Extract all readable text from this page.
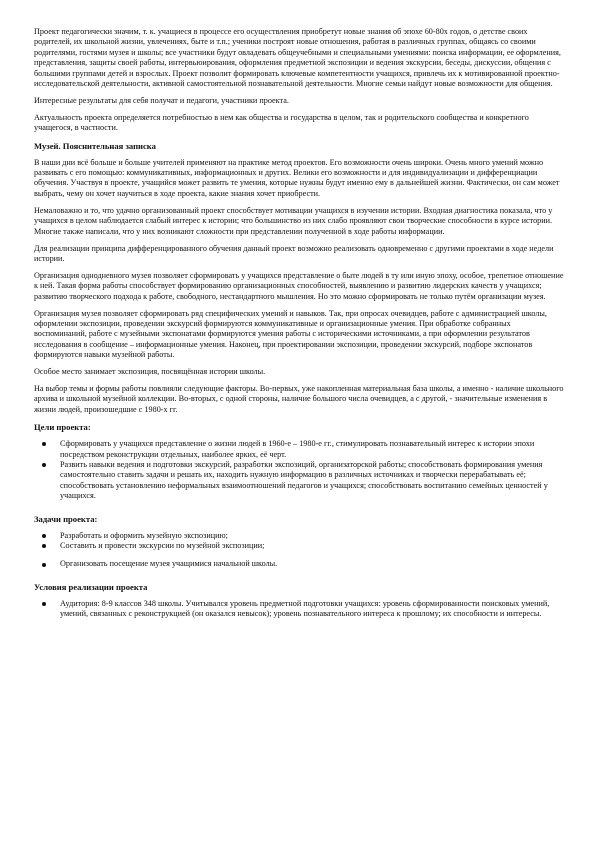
Проект педагогически значим, т. к. учащиеся в процессе его осуществления приобретут новые знания об эпохе 60-80х годов, о детстве своих родителей, их школьной жизни, увлечениях, быте и т.п.; ученики построят новые отношения, работая в различных группах, общаясь со своими родителями, гостями музея и школы; все участники будут овладевать общеучебными и специальными умениями: поиска информации, ее оформления, представления, защиты своей работы, интервьюирования, оформления предметной экспозиции и ведения экскурсии, беседы, дискуссии, общения с большими группами детей и взрослых. Проект позволит формировать ключевые компетентности учащихся, привлечь их к мотивированной проектно-исследовательской деятельности, активной самостоятельной познавательной деятельности. Многие семьи найдут новые возможности для общения.

Интересные результаты для себя получат и педагоги, участники проекта.

Актуальность проекта определяется потребностью в нем как общества и государства в целом, так и родительского сообщества и конкретного учащегося, в частности.

Музей. Пояснительная записка

В наши дни всё больше и больше учителей применяют на практике метод проектов. Его возможности очень широки. Очень много умений можно развивать с его помощью: коммуникативных, информационных и других. Велики его возможности и для индивидуализации и дифференциации обучения. Участвуя в проекте, учащийся может развить те умения, которые нужны будут именно ему в дальнейшей жизни. Фактически, он сам может выбрать, чему он хочет научиться в ходе проекта, какие знания хочет приобрести.

Немаловажно и то, что удачно организованный проект способствует мотивации учащихся в изучении истории. Входная диагностика показала, что у учащихся в целом наблюдается слабый интерес к истории; что большинство из них слабо проявляют свои творческие способности в курсе истории. Многие также написали, что у них возникают сложности при представлении полученной в ходе работы информации.

Для реализации принципа дифференцированного обучения данный проект возможно реализовать одновременно с другими проектами в ходе недели истории.

Организация однодневного музея позволяет сформировать у учащихся представление о быте людей в ту или иную эпоху, особое, трепетное отношение к ней. Такая форма работы способствует формированию организационных способностей, выявлению и развитию лидерских качеств у учащихся; развитию творческого подхода к работе, свободного, нестандартного мышления. Но это можно сформировать не только путём организации музея.

Организация музея позволяет сформировать ряд специфических умений и навыков. Так, при опросах очевидцев, работе с администрацией школы, оформлении экспозиции, проведении экскурсий формируются коммуникативные и организационные умения. При обработке собранных воспоминаний, работе с музейными экспонатами формируются умения работы с историческими источниками, а при оформлении результатов исследования в сообщение – информационные умения. Наконец, при проектировании экспозиции, проведении экскурсий, подборе экспонатов формируются навыки музейной работы.

Особое место занимает экспозиция, посвящённая истории школы.

На выбор темы и формы работы повлияли следующие факторы. Во-первых, уже накопленная материальная база школы, а именно - наличие школьного архива и школьной музейной коллекции. Во-вторых, с одной стороны, наличие большого числа очевидцев, а с другой, - значительные изменения в жизни людей, произошедшие с 1980-х гг.

Цели проекта:
Сформировать у учащихся представление о жизни людей в 1960-е – 1980-е гг., стимулировать познавательный интерес к истории эпохи посредством реконструкции отдельных, наиболее ярких, её черт.
Развить навыки ведения и подготовки экскурсий, разработки экспозиций, организаторской работы; способствовать формирования умения самостоятельно ставить задачи и решать их, находить нужную информацию в различных источниках и творчески перерабатывать её; способствовать установлению неформальных взаимоотношений педагогов и учащихся; способствовать воспитанию семейных ценностей у учащихся.
Задачи проекта:
Разработать и оформить музейную экспозицию;
Составить и провести экскурсии по музейной экспозиции;
Организовать посещение музея учащимися начальной школы.
Условия реализации проекта
Аудитория: 8-9 классов 348 школы. Учитывался уровень предметной подготовки учащихся: уровень сформированности поисковых умений, умений, связанных с реконструкцией (он оказался невысок); уровень познавательного интереса к прошлому; их способности и интересы.
